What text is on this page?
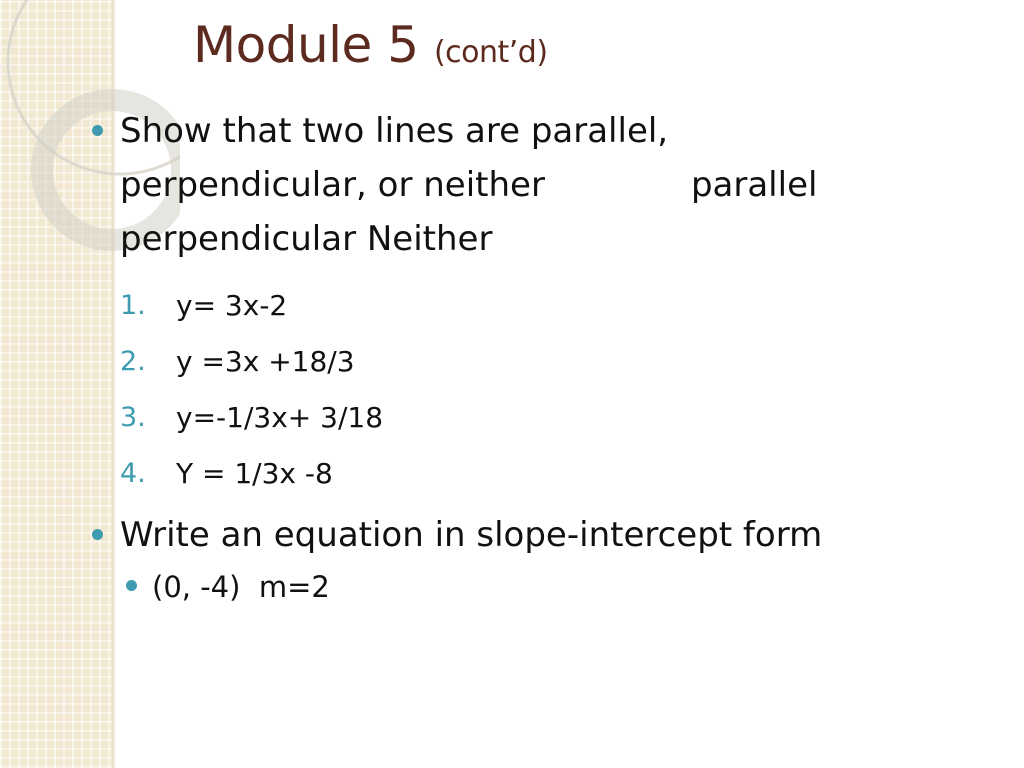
Module 5 (cont’d)
Show that two lines are parallel,
perpendicular, or neither	parallel
perpendicular Neither
1. y= 3x-2
2. y =3x +18/3
3. y=-1/3x+ 3/18
4. Y = 1/3x -8
Write an equation in slope-intercept form
(0, -4) m=2
